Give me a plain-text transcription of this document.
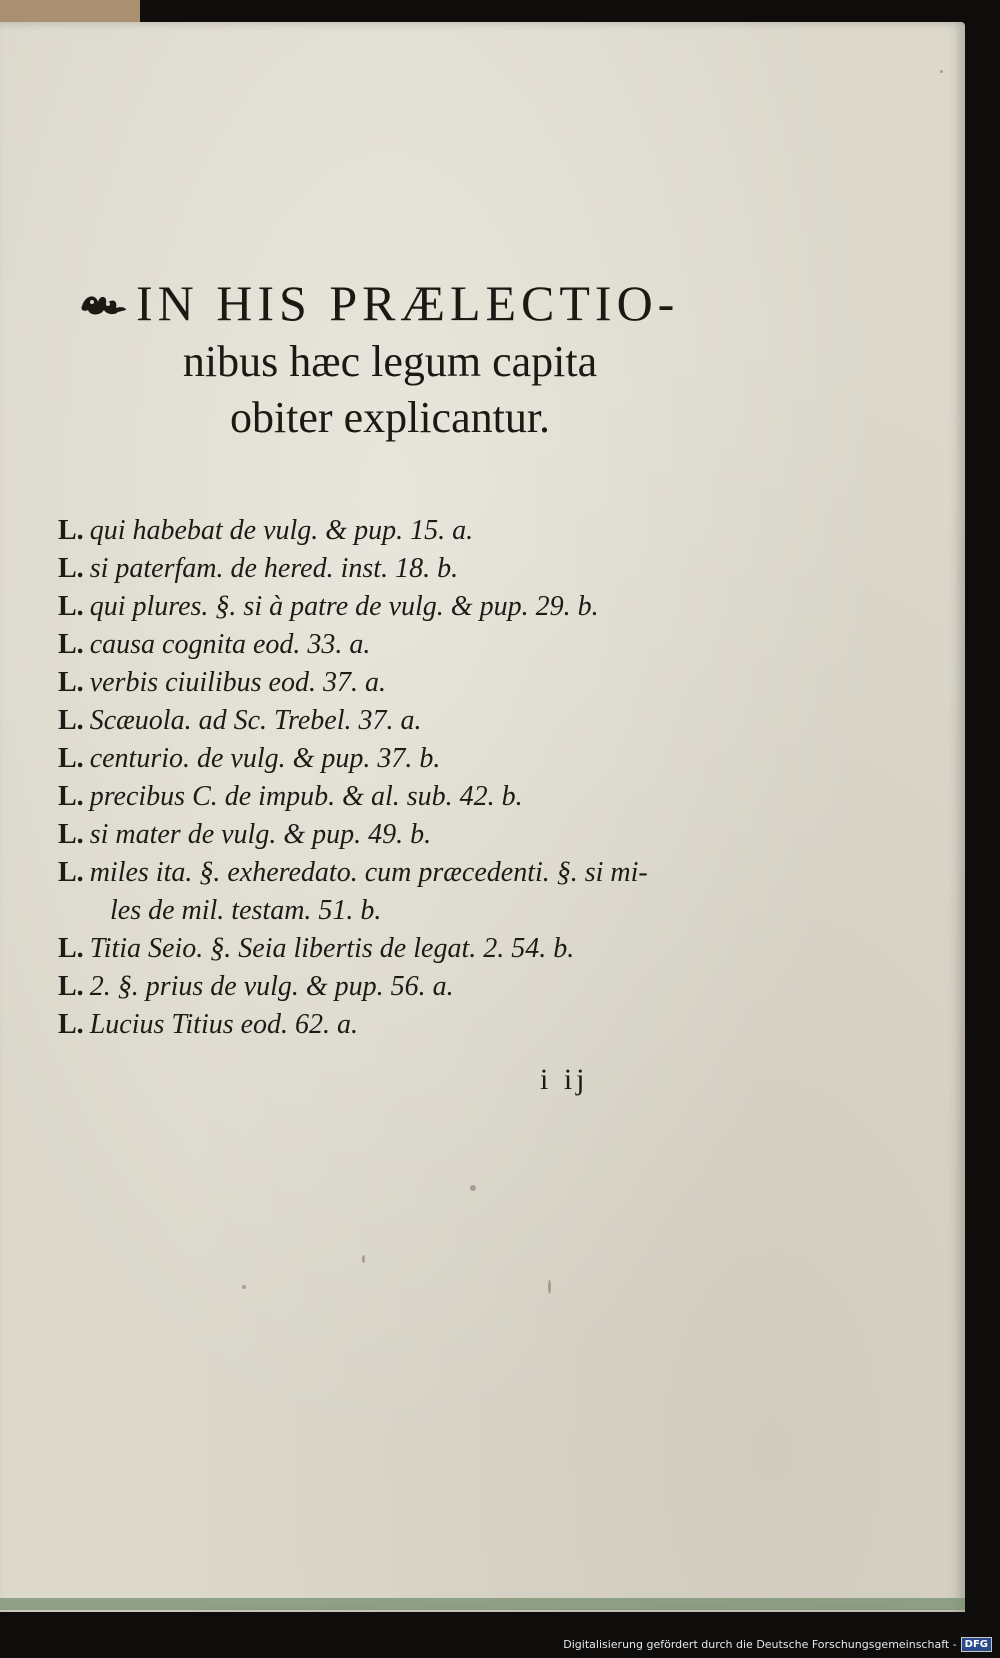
IN HIS PRÆLECTIO-
nibus hæc legum capita
obiter explicantur.
L. qui habebat de vulg. & pup. 15. a.
L. si paterfam. de hered. inst. 18. b.
L. qui plures. §. si à patre de vulg. & pup. 29. b.
L. causa cognita eod. 33. a.
L. verbis ciuilibus eod. 37. a.
L. Scæuola. ad Sc. Trebel. 37. a.
L. centurio. de vulg. & pup. 37. b.
L. precibus C. de impub. & al. sub. 42. b.
L. si mater de vulg. & pup. 49. b.
L. miles ita. §. exheredato. cum præcedenti. §. si mi-
les de mil. testam. 51. b.
L. Titia Seio. §. Seia libertis de legat. 2. 54. b.
L. 2. §. prius de vulg. & pup. 56. a.
L. Lucius Titius eod. 62. a.
i ij
Digitalisierung gefördert durch die Deutsche Forschungsgemeinschaft - DFG
